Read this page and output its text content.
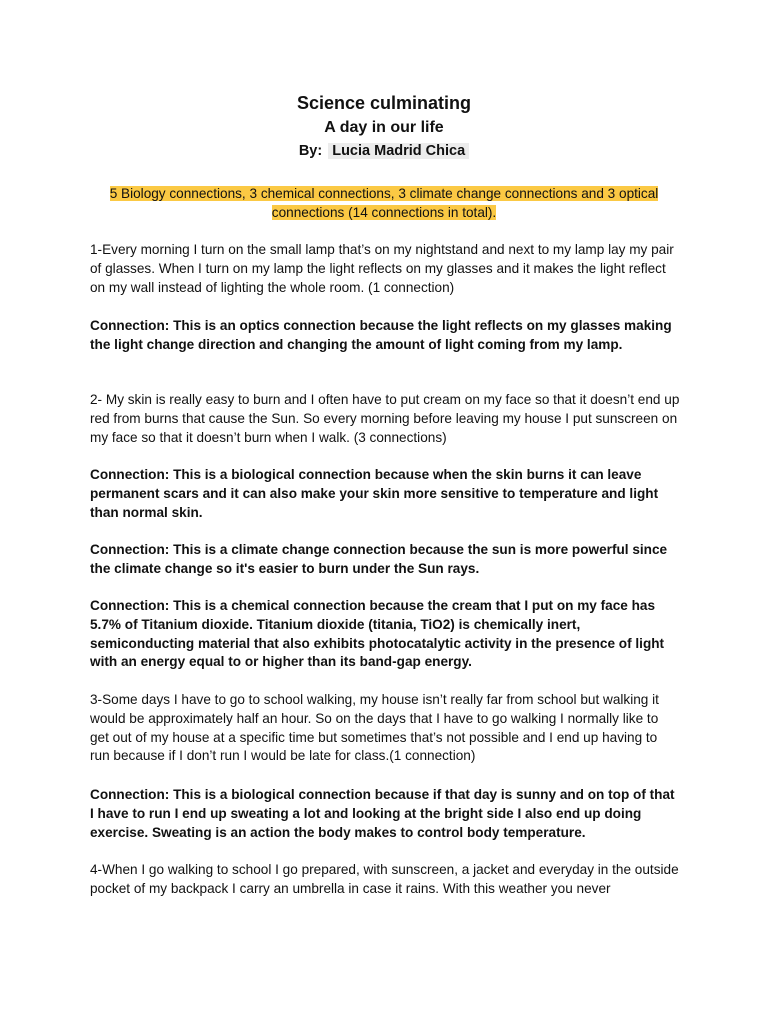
Science culminating
A day in our life
By: Lucia Madrid Chica
5 Biology connections, 3 chemical connections, 3 climate change connections and 3 optical connections (14 connections in total).

1-Every morning I turn on the small lamp that’s on my nightstand and next to my lamp lay my pair of glasses. When I turn on my lamp the light reflects on my glasses and it makes the light reflect on my wall instead of lighting the whole room. (1 connection)

Connection: This is an optics connection because the light reflects on my glasses making the light change direction and changing the amount of light coming from my lamp.

2- My skin is really easy to burn and I often have to put cream on my face so that it doesn’t end up red from burns that cause the Sun. So every morning before leaving my house I put sunscreen on my face so that it doesn’t burn when I walk. (3 connections)

Connection: This is a biological connection because when the skin burns it can leave permanent scars and it can also make your skin more sensitive to temperature and light than normal skin.

Connection: This is a climate change connection because the sun is more powerful since the climate change so it's easier to burn under the Sun rays.

Connection: This is a chemical connection because the cream that I put on my face has 5.7% of Titanium dioxide. Titanium dioxide (titania, TiO2) is chemically inert, semiconducting material that also exhibits photocatalytic activity in the presence of light with an energy equal to or higher than its band-gap energy.

3-Some days I have to go to school walking, my house isn’t really far from school but walking it would be approximately half an hour. So on the days that I have to go walking I normally like to get out of my house at a specific time but sometimes that’s not possible and I end up having to run because if I don’t run I would be late for class.(1 connection)

Connection: This is a biological connection because if that day is sunny and on top of that I have to run I end up sweating a lot and looking at the bright side I also end up doing exercise. Sweating is an action the body makes to control body temperature.

4-When I go walking to school I go prepared, with sunscreen, a jacket and everyday in the outside pocket of my backpack I carry an umbrella in case it rains. With this weather you never
